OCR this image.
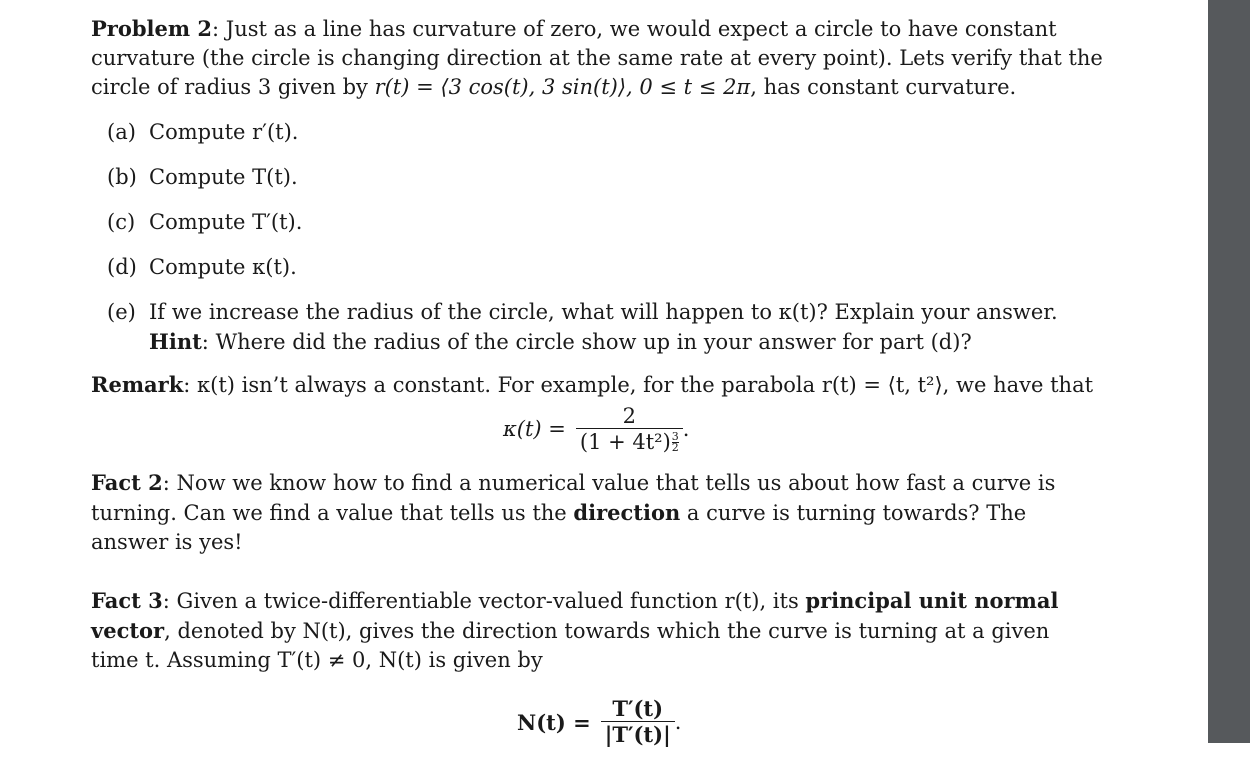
Problem 2: Just as a line has curvature of zero, we would expect a circle to have constant curvature (the circle is changing direction at the same rate at every point). Lets verify that the circle of radius 3 given by r(t) = ⟨3 cos(t), 3 sin(t)⟩, 0 ≤ t ≤ 2π, has constant curvature.

(a) Compute r′(t).
(b) Compute T(t).
(c) Compute T′(t).
(d) Compute κ(t).
(e) If we increase the radius of the circle, what will happen to κ(t)? Explain your answer. Hint: Where did the radius of the circle show up in your answer for part (d)?

Remark: κ(t) isn’t always a constant. For example, for the parabola r(t) = ⟨t, t²⟩, we have that

$\kappa(t) = \frac{2}{(1 + 4t^2) \frac{3}{2}}$ .

Fact 2: Now we know how to find a numerical value that tells us about how fast a curve is turning. Can we find a value that tells us the direction a curve is turning towards? The answer is yes!

Fact 3: Given a twice-differentiable vector-valued function r(t), its principal unit normal vector, denoted by N(t), gives the direction towards which the curve is turning at a given time t. Assuming T′(t) ≠ 0, N(t) is given by

$N(t) = \frac{T'(t)}{|T'(t)|}$ .
